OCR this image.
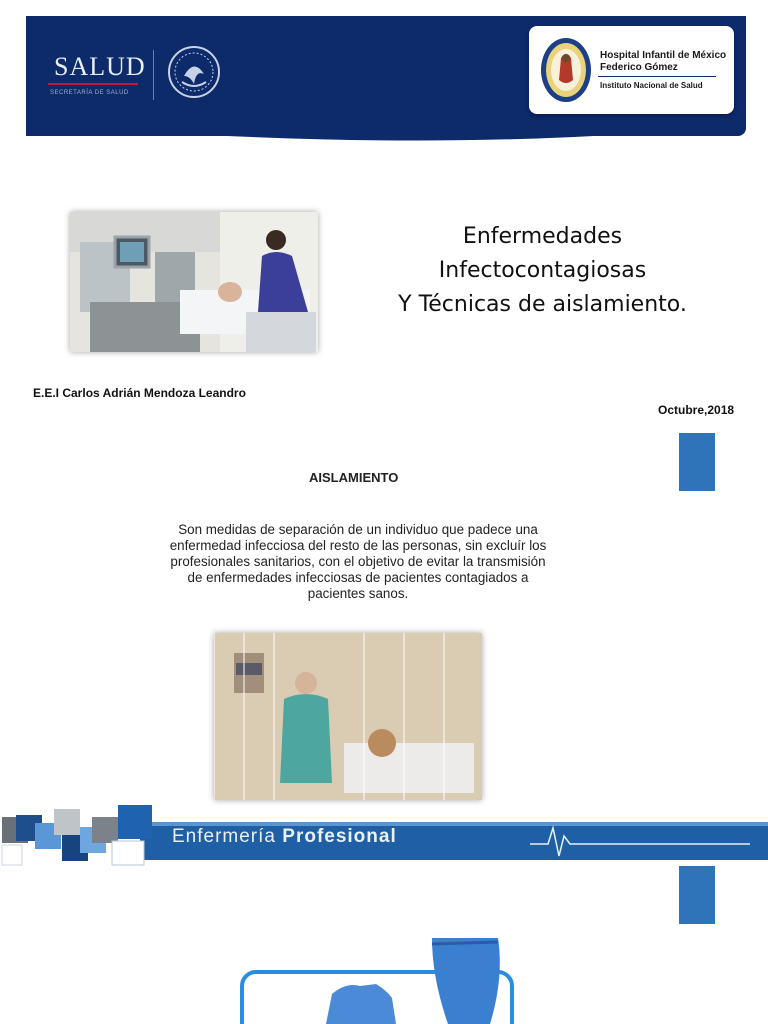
SALUD
SECRETARÍA DE SALUD
Hospital Infantil de México Federico Gómez
Instituto Nacional de Salud
Enfermedades
Infectocontagiosas
Y Técnicas de aislamiento.
E.E.I Carlos Adrián Mendoza Leandro
Octubre,2018
AISLAMIENTO
Son medidas de separación de un individuo que padece una enfermedad infecciosa del resto de las personas, sin excluír los profesionales sanitarios, con el objetivo de evitar la transmisión de enfermedades infecciosas de pacientes contagiados a pacientes sanos.
Enfermería Profesional
